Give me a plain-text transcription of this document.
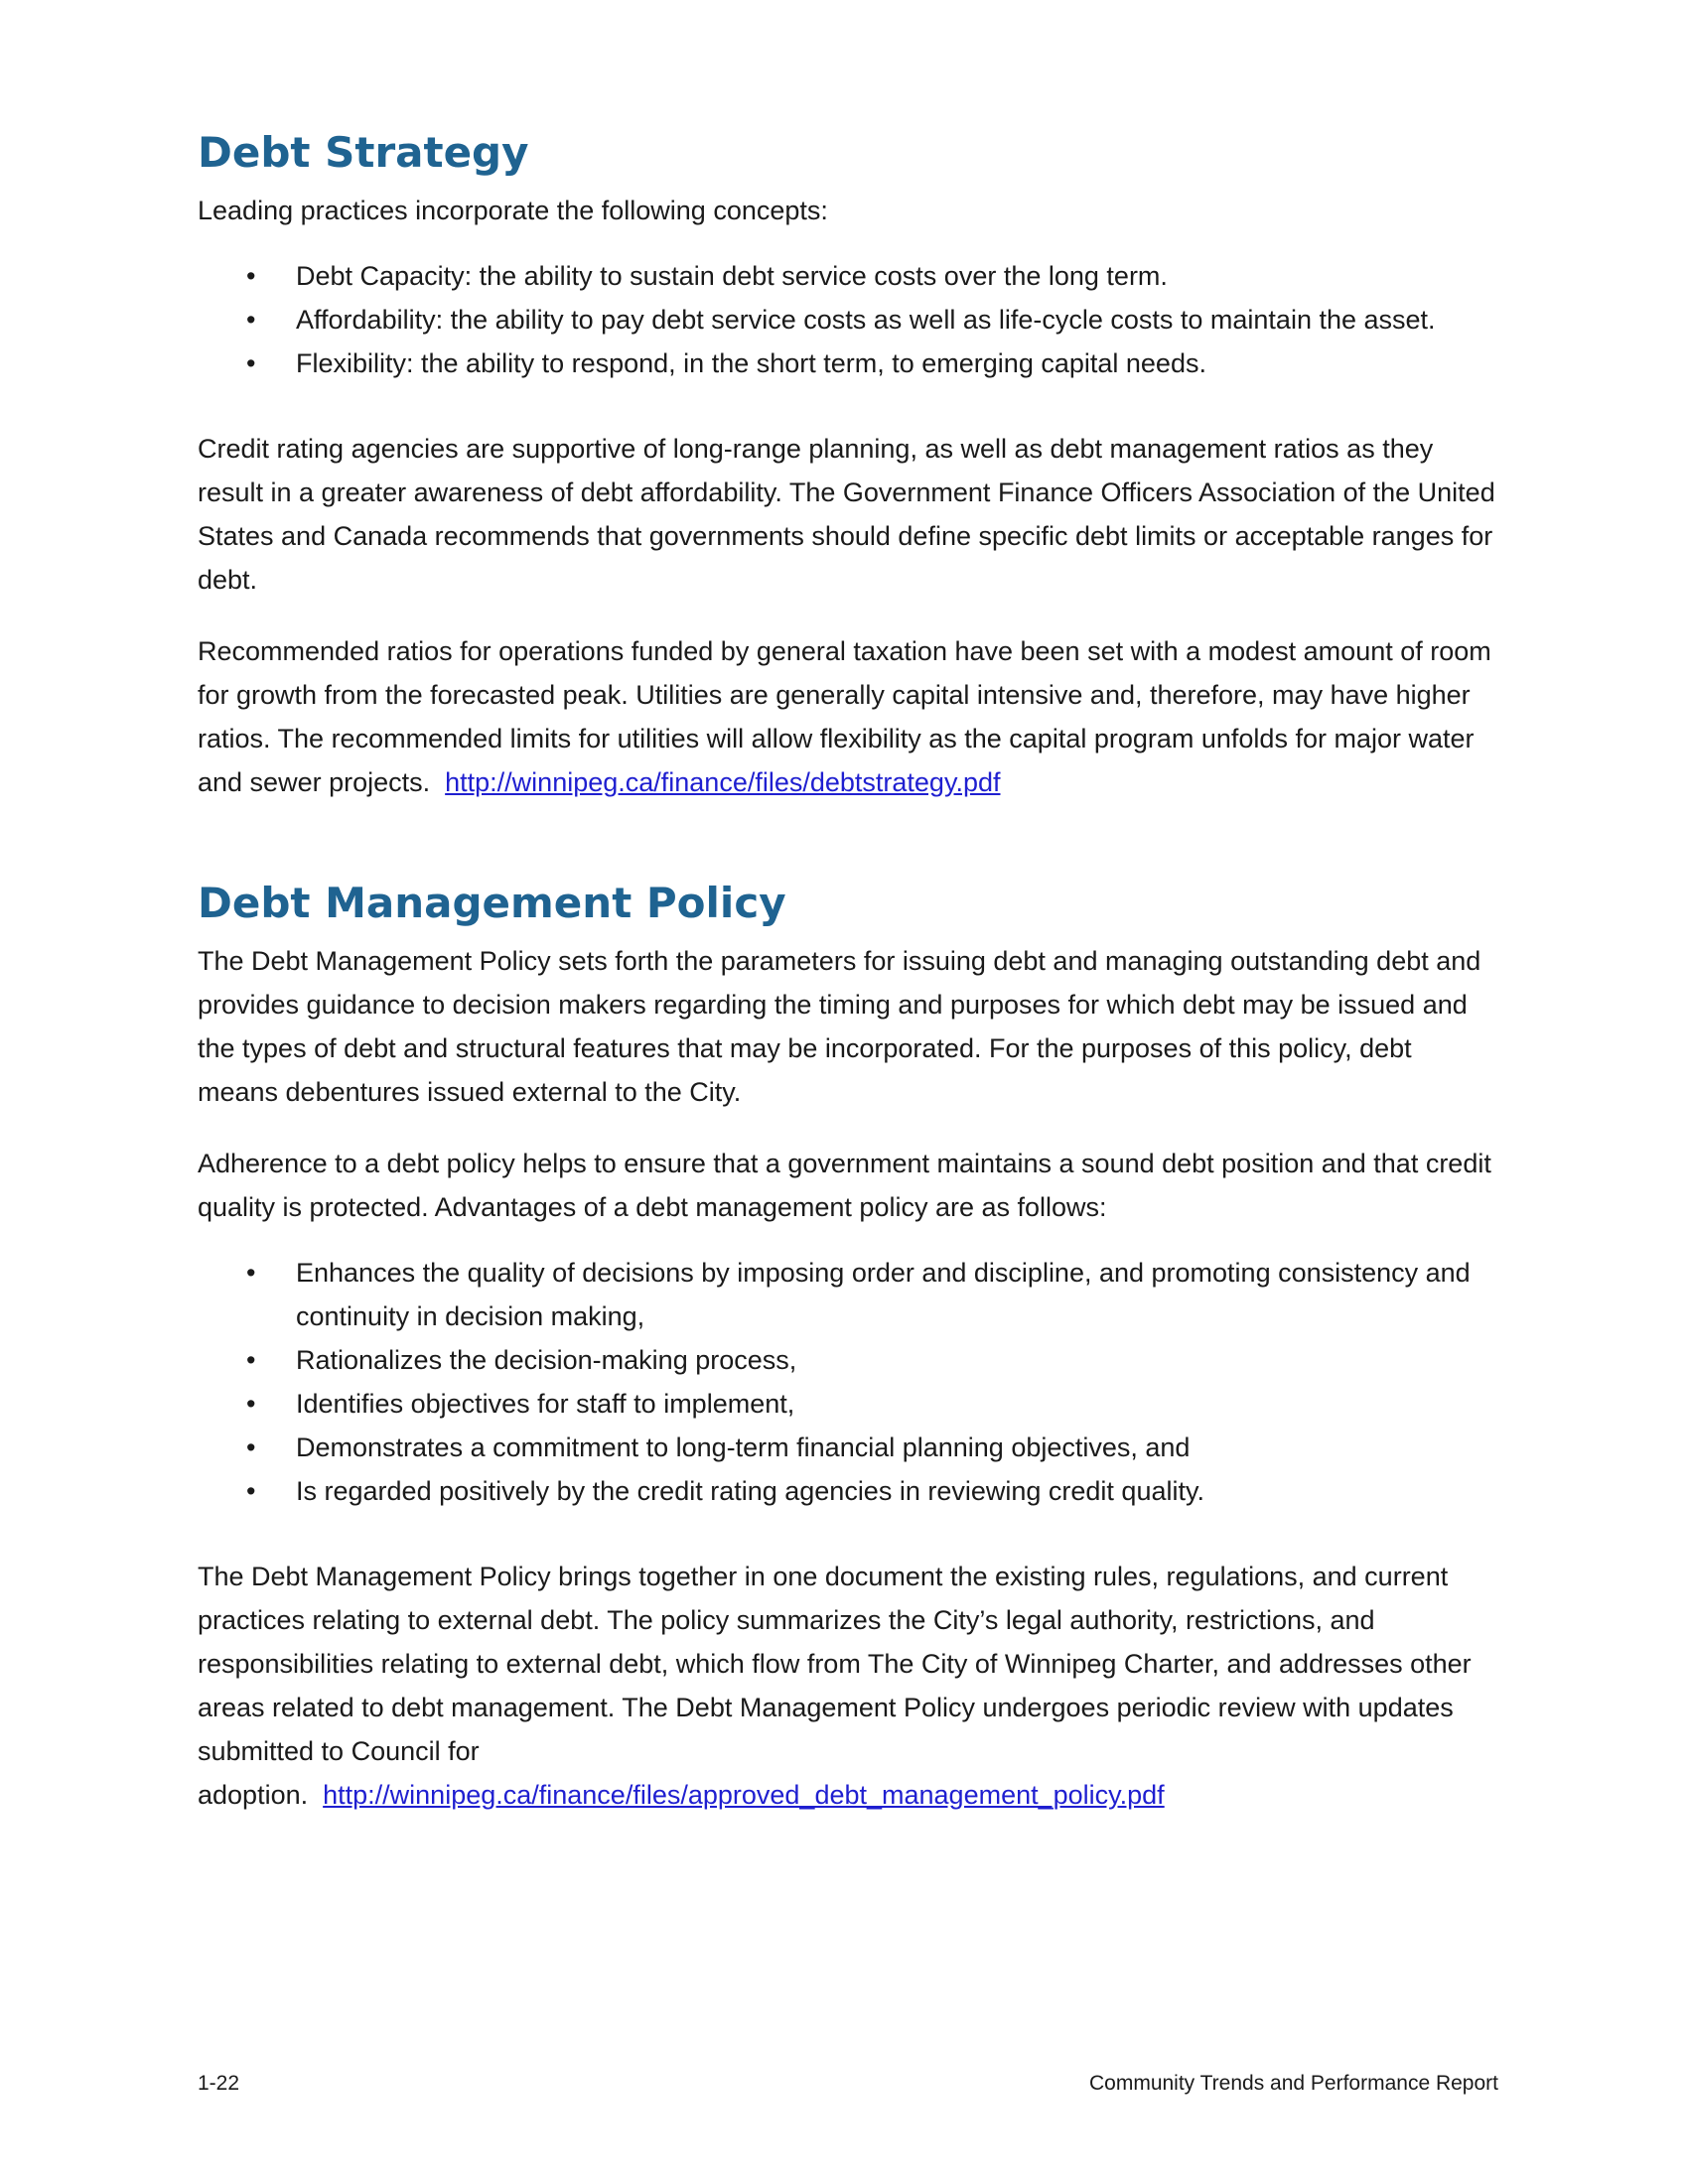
Debt Strategy

Leading practices incorporate the following concepts:

• Debt Capacity: the ability to sustain debt service costs over the long term.
• Affordability: the ability to pay debt service costs as well as life-cycle costs to maintain the asset.
• Flexibility: the ability to respond, in the short term, to emerging capital needs.

Credit rating agencies are supportive of long-range planning, as well as debt management ratios as they result in a greater awareness of debt affordability. The Government Finance Officers Association of the United States and Canada recommends that governments should define specific debt limits or acceptable ranges for debt.

Recommended ratios for operations funded by general taxation have been set with a modest amount of room for growth from the forecasted peak. Utilities are generally capital intensive and, therefore, may have higher ratios. The recommended limits for utilities will allow flexibility as the capital program unfolds for major water and sewer projects. http://winnipeg.ca/finance/files/debtstrategy.pdf

Debt Management Policy

The Debt Management Policy sets forth the parameters for issuing debt and managing outstanding debt and provides guidance to decision makers regarding the timing and purposes for which debt may be issued and the types of debt and structural features that may be incorporated. For the purposes of this policy, debt means debentures issued external to the City.

Adherence to a debt policy helps to ensure that a government maintains a sound debt position and that credit quality is protected. Advantages of a debt management policy are as follows:

• Enhances the quality of decisions by imposing order and discipline, and promoting consistency and continuity in decision making,
• Rationalizes the decision-making process,
• Identifies objectives for staff to implement,
• Demonstrates a commitment to long-term financial planning objectives, and
• Is regarded positively by the credit rating agencies in reviewing credit quality.

The Debt Management Policy brings together in one document the existing rules, regulations, and current practices relating to external debt. The policy summarizes the City’s legal authority, restrictions, and responsibilities relating to external debt, which flow from The City of Winnipeg Charter, and addresses other areas related to debt management. The Debt Management Policy undergoes periodic review with updates submitted to Council for
adoption. http://winnipeg.ca/finance/files/approved_debt_management_policy.pdf

1-22	Community Trends and Performance Report
